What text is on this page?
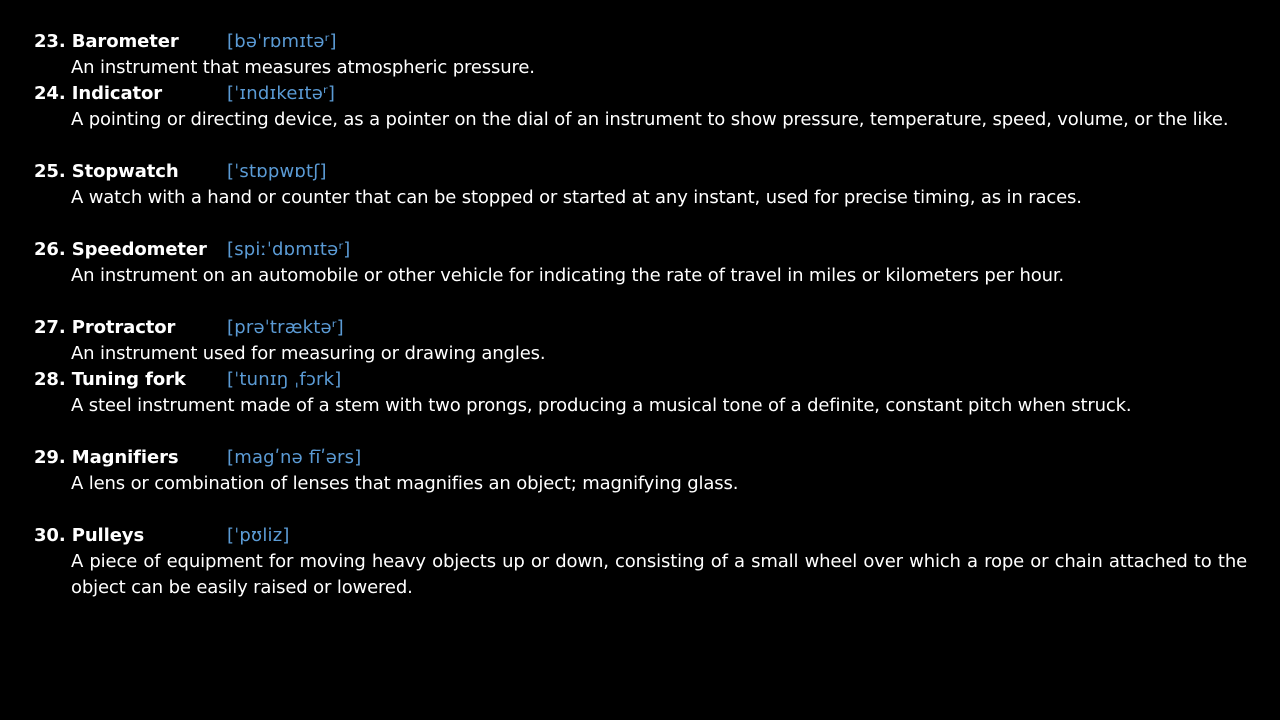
23. Barometer	[bəˈrɒmɪtəʳ]

An instrument that measures atmospheric pressure.

24. Indicator	[ˈɪndɪkeɪtəʳ]

A pointing or directing device, as a pointer on the dial of an instrument to show pressure, temperature, speed, volume, or the like.

25. Stopwatch	[ˈstɒpwɒtʃ]

A watch with a hand or counter that can be stopped or started at any instant, used for precise timing, as in races.

26. Speedometer	[spiːˈdɒmɪtəʳ]

An instrument on an automobile or other vehicle for indicating the rate of travel in miles or kilometers per hour.

27. Protractor	[prəˈtræktəʳ]

An instrument used for measuring or drawing angles.

28. Tuning fork	[ˈtunɪŋ ˌfɔrk]

A steel instrument made of a stem with two prongs, producing a musical tone of a definite, constant pitch when struck.

29. Magnifiers	[magʹnə fīʹərs]

A lens or combination of lenses that magnifies an object; magnifying glass.

30. Pulleys	[ˈpʊliz]

A piece of equipment for moving heavy objects up or down, consisting of a small wheel over which a rope or chain attached to the object can be easily raised or lowered.
